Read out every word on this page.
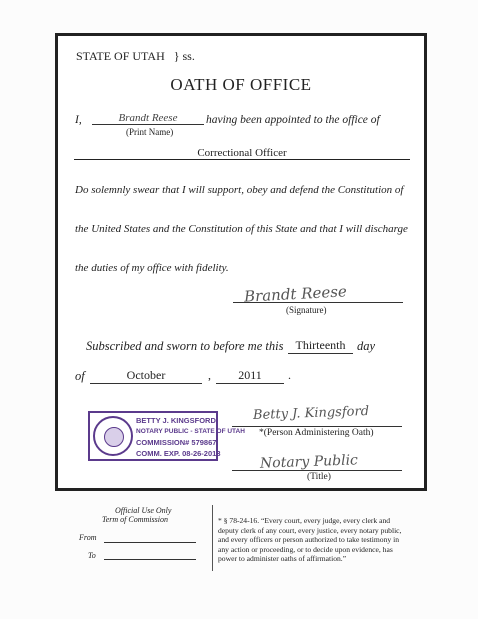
STATE OF UTAH } ss.
OATH OF OFFICE
I,	Brandt Reese	having been appointed to the office of
(Print Name)
Correctional Officer
Do solemnly swear that I will support, obey and defend the Constitution of
the United States and the Constitution of this State and that I will discharge
the duties of my office with fidelity.
Brandt Reese
(Signature)
Subscribed and sworn to before me this	Thirteenth day
of	October	,	2011	.
BETTY J. KINGSFORD
NOTARY PUBLIC - STATE OF UTAH
COMMISSION# 579867
COMM. EXP. 08-26-2013
Betty J. Kingsford
*(Person Administering Oath)
Notary Public
(Title)
Official Use Only
Term of Commission
From
To
* § 78-24-16. “Every court, every judge, every clerk and
deputy clerk of any court, every justice, every notary public,
and every officers or person authorized to take testimony in
any action or proceeding, or to decide upon evidence, has
power to administer oaths of affirmation.”
